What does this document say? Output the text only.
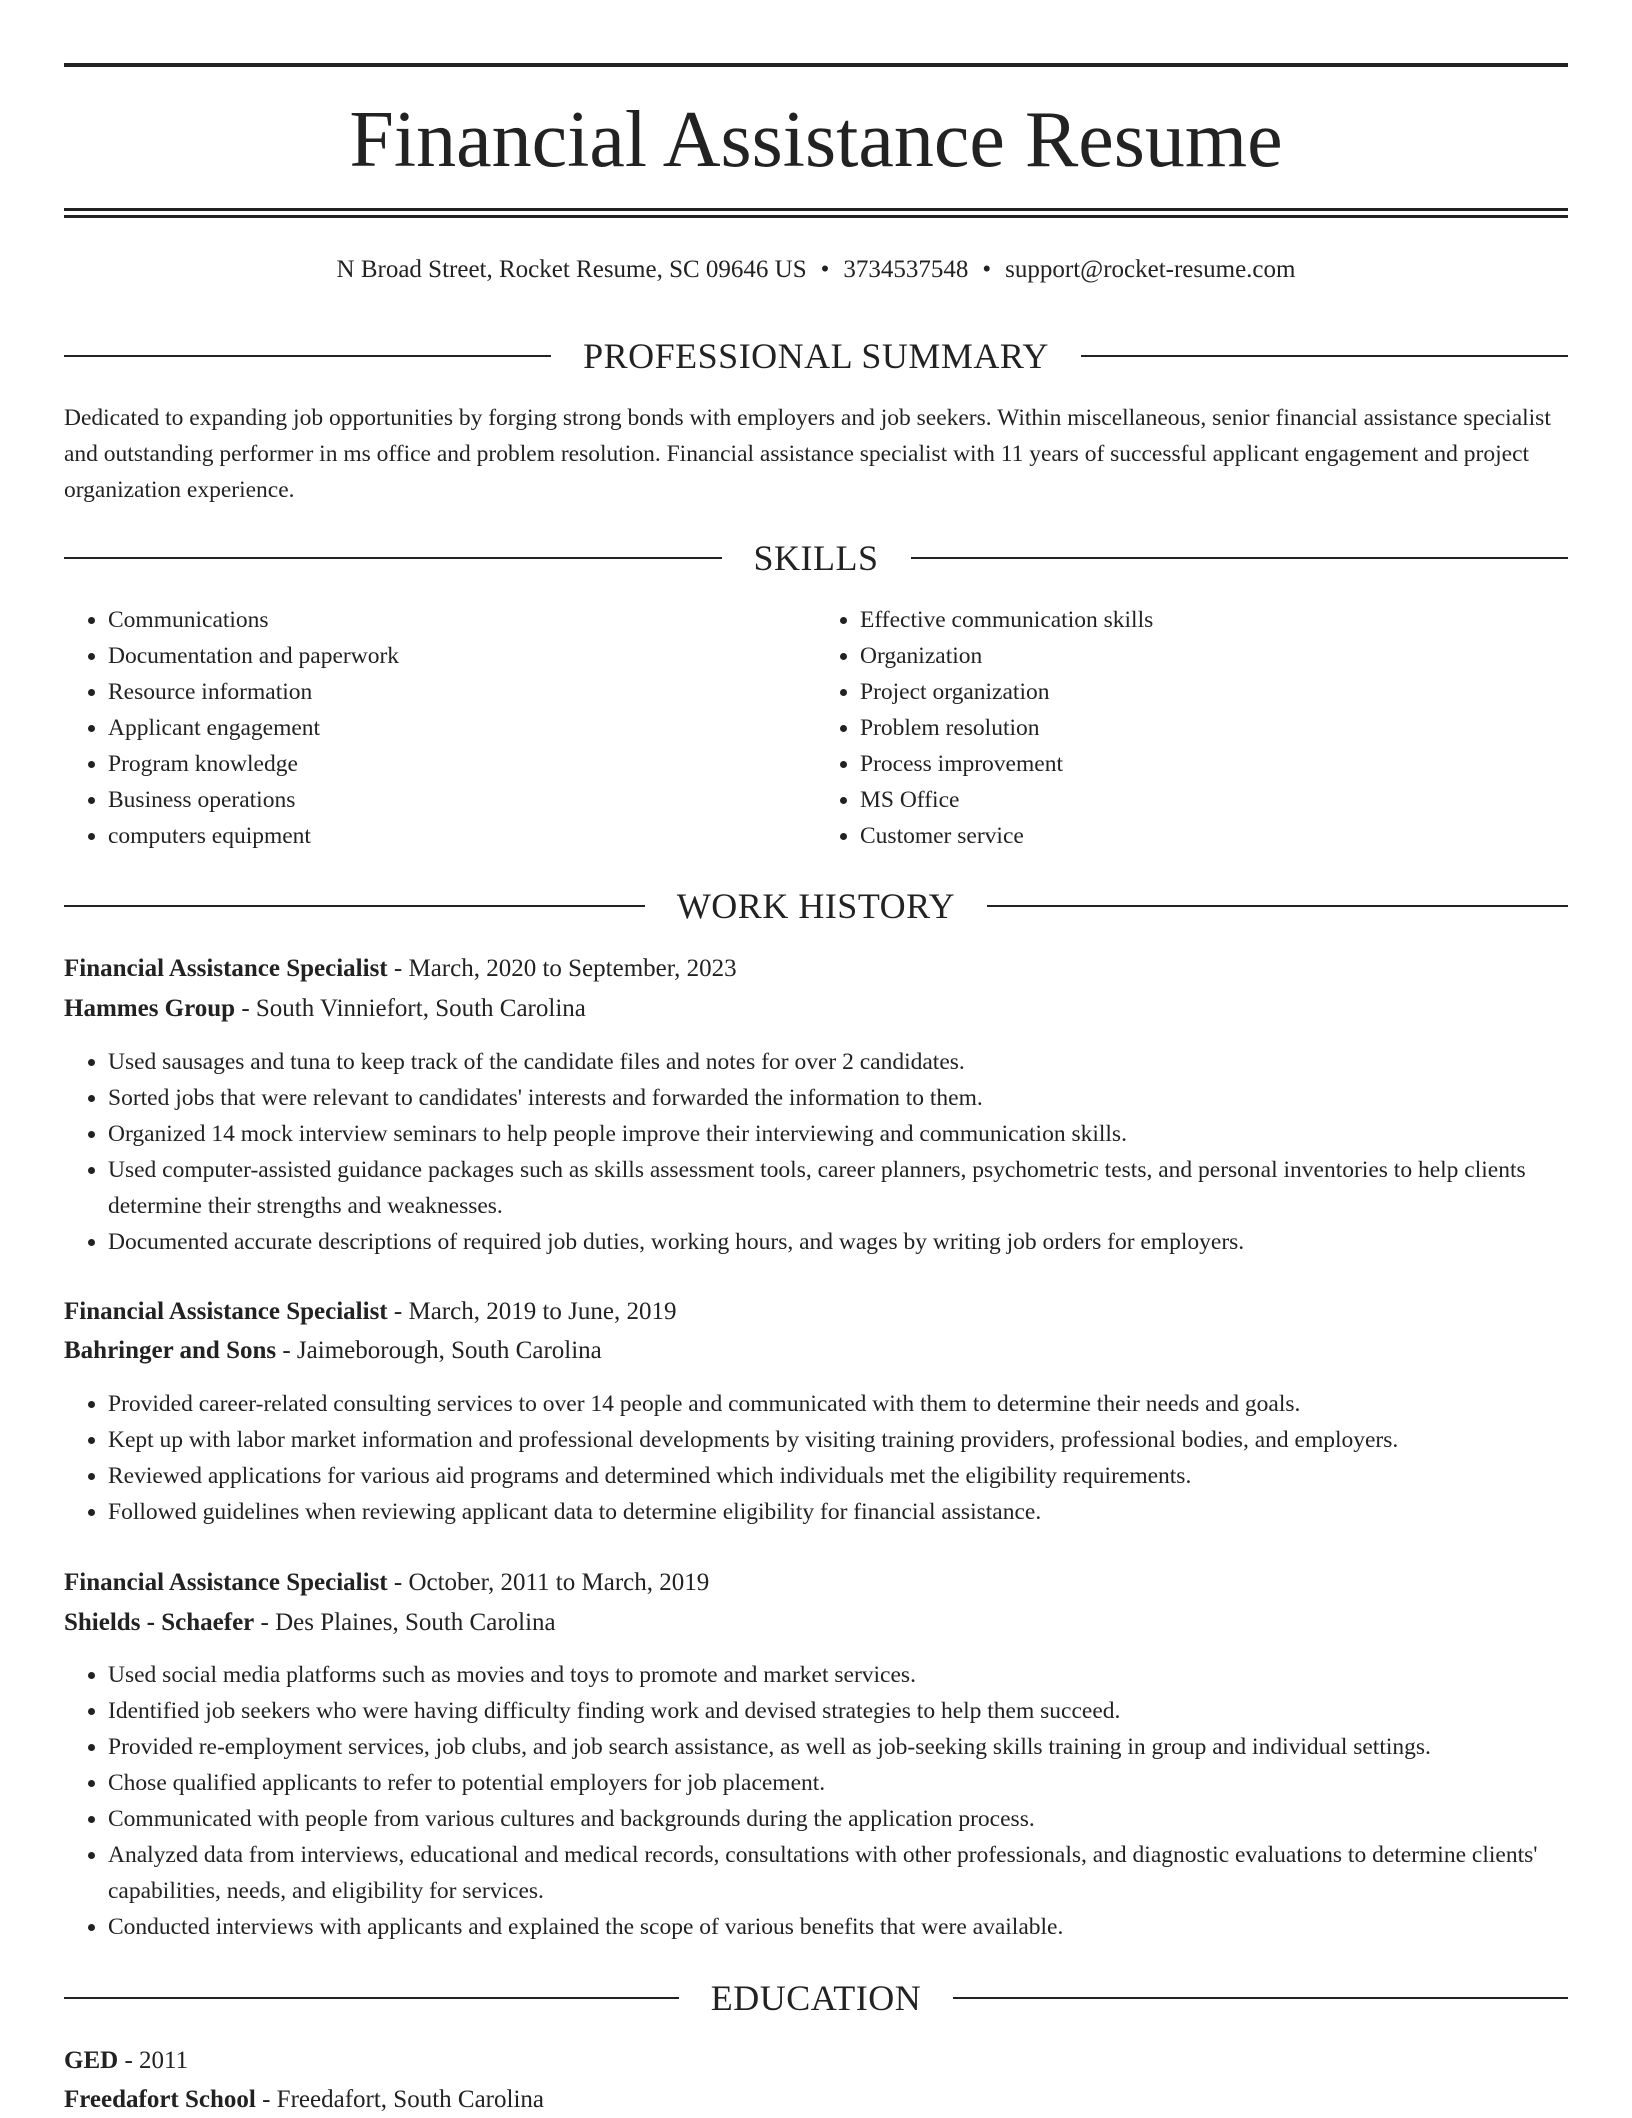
Financial Assistance Resume
N Broad Street, Rocket Resume, SC 09646 US • 3734537548 • support@rocket-resume.com
PROFESSIONAL SUMMARY

Dedicated to expanding job opportunities by forging strong bonds with employers and job seekers. Within miscellaneous, senior financial assistance specialist and outstanding performer in ms office and problem resolution. Financial assistance specialist with 11 years of successful applicant engagement and project organization experience.

SKILLS
• Communications
• Documentation and paperwork
• Resource information
• Applicant engagement
• Program knowledge
• Business operations
• computers equipment
• Effective communication skills
• Organization
• Project organization
• Problem resolution
• Process improvement
• MS Office
• Customer service
WORK HISTORY
Financial Assistance Specialist - March, 2020 to September, 2023
Hammes Group - South Vinniefort, South Carolina
• Used sausages and tuna to keep track of the candidate files and notes for over 2 candidates.
• Sorted jobs that were relevant to candidates' interests and forwarded the information to them.
• Organized 14 mock interview seminars to help people improve their interviewing and communication skills.
• Used computer-assisted guidance packages such as skills assessment tools, career planners, psychometric tests, and personal inventories to help clients determine their strengths and weaknesses.
• Documented accurate descriptions of required job duties, working hours, and wages by writing job orders for employers.
Financial Assistance Specialist - March, 2019 to June, 2019
Bahringer and Sons - Jaimeborough, South Carolina
• Provided career-related consulting services to over 14 people and communicated with them to determine their needs and goals.
• Kept up with labor market information and professional developments by visiting training providers, professional bodies, and employers.
• Reviewed applications for various aid programs and determined which individuals met the eligibility requirements.
• Followed guidelines when reviewing applicant data to determine eligibility for financial assistance.
Financial Assistance Specialist - October, 2011 to March, 2019
Shields - Schaefer - Des Plaines, South Carolina
• Used social media platforms such as movies and toys to promote and market services.
• Identified job seekers who were having difficulty finding work and devised strategies to help them succeed.
• Provided re-employment services, job clubs, and job search assistance, as well as job-seeking skills training in group and individual settings.
• Chose qualified applicants to refer to potential employers for job placement.
• Communicated with people from various cultures and backgrounds during the application process.
• Analyzed data from interviews, educational and medical records, consultations with other professionals, and diagnostic evaluations to determine clients' capabilities, needs, and eligibility for services.
• Conducted interviews with applicants and explained the scope of various benefits that were available.
EDUCATION
GED - 2011
Freedafort School - Freedafort, South Carolina
